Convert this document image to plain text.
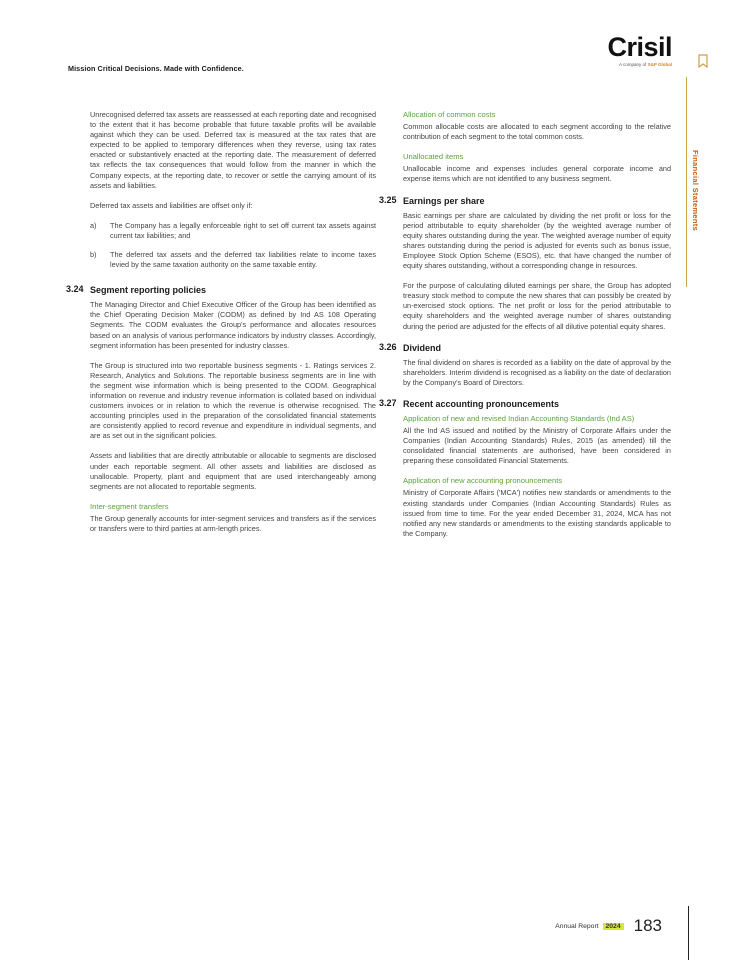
Mission Critical Decisions. Made with Confidence.
Crisil
A company of S&P Global
Financial Statements

Unrecognised deferred tax assets are reassessed at each reporting date and recognised to the extent that it has become probable that future taxable profits will be available against which they can be used. Deferred tax is measured at the tax rates that are expected to be applied to temporary differences when they reverse, using tax rates enacted or substantively enacted at the reporting date. The measurement of deferred tax reflects the tax consequences that would follow from the manner in which the Company expects, at the reporting date, to recover or settle the carrying amount of its assets and liabilities.

Deferred tax assets and liabilities are offset only if:

a) The Company has a legally enforceable right to set off current tax assets against current tax liabilities; and
b) The deferred tax assets and the deferred tax liabilities relate to income taxes levied by the same taxation authority on the same taxable entity.
3.24 Segment reporting policies

The Managing Director and Chief Executive Officer of the Group has been identified as the Chief Operating Decision Maker (CODM) as defined by Ind AS 108 Operating Segments. The CODM evaluates the Group's performance and allocates resources based on an analysis of various performance indicators by industry classes. Accordingly, segment information has been presented for industry classes.

The Group is structured into two reportable business segments - 1. Ratings services 2. Research, Analytics and Solutions. The reportable business segments are in line with the segment wise information which is being presented to the CODM. Geographical information on revenue and industry revenue information is collated based on individual customers invoices or in relation to which the revenue is otherwise recognised. The accounting principles used in the preparation of the consolidated financial statements are consistently applied to record revenue and expenditure in individual segments, and are as set out in the significant policies.

Assets and liabilities that are directly attributable or allocable to segments are disclosed under each reportable segment. All other assets and liabilities are disclosed as unallocable. Property, plant and equipment that are used interchangeably among segments are not allocated to reportable segments.

Inter-segment transfers

The Group generally accounts for inter-segment services and transfers as if the services or transfers were to third parties at arm-length prices.

Allocation of common costs

Common allocable costs are allocated to each segment according to the relative contribution of each segment to the total common costs.

Unallocated items

Unallocable income and expenses includes general corporate income and expense items which are not identified to any business segment.

3.25 Earnings per share

Basic earnings per share are calculated by dividing the net profit or loss for the period attributable to equity shareholder (by the weighted average number of equity shares outstanding during the year. The weighted average number of equity shares outstanding during the period is adjusted for events such as bonus issue, Employee Stock Option Scheme (ESOS), etc. that have changed the number of equity shares outstanding, without a corresponding change in resources.

For the purpose of calculating diluted earnings per share, the Group has adopted treasury stock method to compute the new shares that can possibly be created by un-exercised stock options. The net profit or loss for the period attributable to equity shareholders and the weighted average number of shares outstanding during the period are adjusted for the effects of all dilutive potential equity shares.

3.26 Dividend

The final dividend on shares is recorded as a liability on the date of approval by the shareholders. Interim dividend is recognised as a liability on the date of declaration by the Company's Board of Directors.

3.27 Recent accounting pronouncements
Application of new and revised Indian Accounting Standards (Ind AS)

All the Ind AS issued and notified by the Ministry of Corporate Affairs under the Companies (Indian Accounting Standards) Rules, 2015 (as amended) till the consolidated financial statements are authorised, have been considered in preparing these consolidated Financial Statements.

Application of new accounting pronouncements

Ministry of Corporate Affairs ('MCA') notifies new standards or amendments to the existing standards under Companies (Indian Accounting Standards) Rules as issued from time to time. For the year ended December 31, 2024, MCA has not notified any new standards or amendments to the existing standards applicable to the Company.

Annual Report 2024 183
